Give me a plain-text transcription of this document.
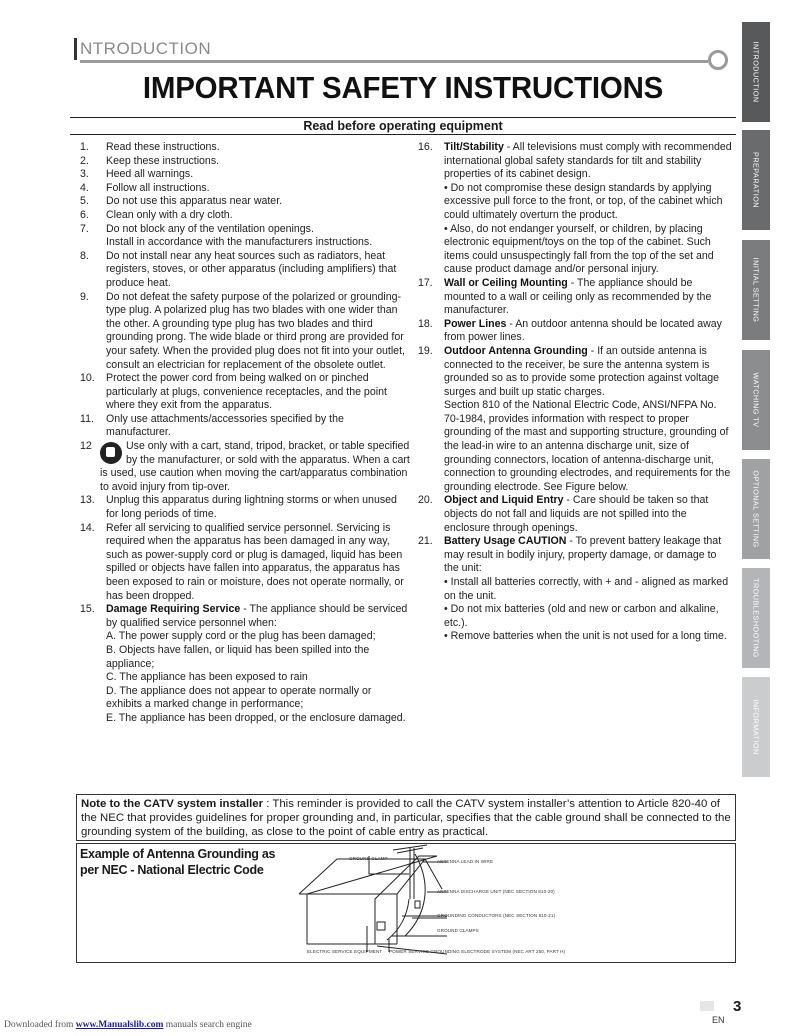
NTRODUCTION
IMPORTANT SAFETY INSTRUCTIONS
Read before operating equipment
1.	Read these instructions.
2.	Keep these instructions.
3.	Heed all warnings.
4.	Follow all instructions.
5.	Do not use this apparatus near water.
6.	Clean only with a dry cloth.
7.	Do not block any of the ventilation openings.
Install in accordance with the manufacturers instructions.
8.	Do not install near any heat sources such as radiators, heat registers, stoves, or other apparatus (including amplifiers) that produce heat.
9.	Do not defeat the safety purpose of the polarized or grounding-type plug. A polarized plug has two blades with one wider than the other. A grounding type plug has two blades and third grounding prong. The wide blade or third prong are provided for your safety. When the provided plug does not fit into your outlet, consult an electrician for replacement of the obsolete outlet.
10.	Protect the power cord from being walked on or pinched particularly at plugs, convenience receptacles, and the point where they exit from the apparatus.
11.	Only use attachments/accessories specified by the manufacturer.
12	Use only with a cart, stand, tripod, bracket, or table specified by the manufacturer, or sold with the apparatus. When a cart is used, use caution when moving the cart/apparatus combination to avoid injury from tip-over.
13.	Unplug this apparatus during lightning storms or when unused for long periods of time.
14.	Refer all servicing to qualified service personnel. Servicing is required when the apparatus has been damaged in any way, such as power-supply cord or plug is damaged, liquid has been spilled or objects have fallen into apparatus, the apparatus has been exposed to rain or moisture, does not operate normally, or has been dropped.
15.	Damage Requiring Service - The appliance should be serviced by qualified service personnel when:
A. The power supply cord or the plug has been damaged;
B. Objects have fallen, or liquid has been spilled into the appliance;
C. The appliance has been exposed to rain
D. The appliance does not appear to operate normally or exhibits a marked change in performance;
E. The appliance has been dropped, or the enclosure damaged.
16.	Tilt/Stability - All televisions must comply with recommended international global safety standards for tilt and stability properties of its cabinet design.
• Do not compromise these design standards by applying excessive pull force to the front, or top, of the cabinet which could ultimately overturn the product.
• Also, do not endanger yourself, or children, by placing electronic equipment/toys on the top of the cabinet. Such items could unsuspectingly fall from the top of the set and cause product damage and/or personal injury.
17.	Wall or Ceiling Mounting - The appliance should be mounted to a wall or ceiling only as recommended by the manufacturer.
18.	Power Lines - An outdoor antenna should be located away from power lines.
19.	Outdoor Antenna Grounding - If an outside antenna is connected to the receiver, be sure the antenna system is grounded so as to provide some protection against voltage surges and built up static charges.
Section 810 of the National Electric Code, ANSI/NFPA No. 70-1984, provides information with respect to proper grounding of the mast and supporting structure, grounding of the lead-in wire to an antenna discharge unit, size of grounding connectors, location of antenna-discharge unit, connection to grounding electrodes, and requirements for the grounding electrode. See Figure below.
20.	Object and Liquid Entry - Care should be taken so that objects do not fall and liquids are not spilled into the enclosure through openings.
21.	Battery Usage CAUTION - To prevent battery leakage that may result in bodily injury, property damage, or damage to the unit:
• Install all batteries correctly, with + and - aligned as marked on the unit.
• Do not mix batteries (old and new or carbon and alkaline, etc.).
• Remove batteries when the unit is not used for a long time.
Note to the CATV system installer : This reminder is provided to call the CATV system installer’s attention to Article 820-40 of the NEC that provides guidelines for proper grounding and, in particular, specifies that the cable ground shall be connected to the grounding system of the building, as close to the point of cable entry as practical.
Example of Antenna Grounding as
per NEC - National Electric Code
GROUND CLAMP
ANTENNA LEAD IN WIRE
ANTENNA DISCHARGE UNIT (NEC SECTION 810-20)
GROUNDING CONDUCTORS (NEC SECTION 810-21)
GROUND CLAMPS
ELECTRIC SERVICE EQUIPMENT POWER SERVICE GROUNDING ELECTRODE SYSTEM (NEC ART 250, PART H)
INTRODUCTION
PREPARATION
INITIAL SETTING
WATCHING TV
OPTIONAL SETTING
TROUBLESHOOTING
INFORMATION
3
EN
Downloaded from www.Manualslib.com manuals search engine
